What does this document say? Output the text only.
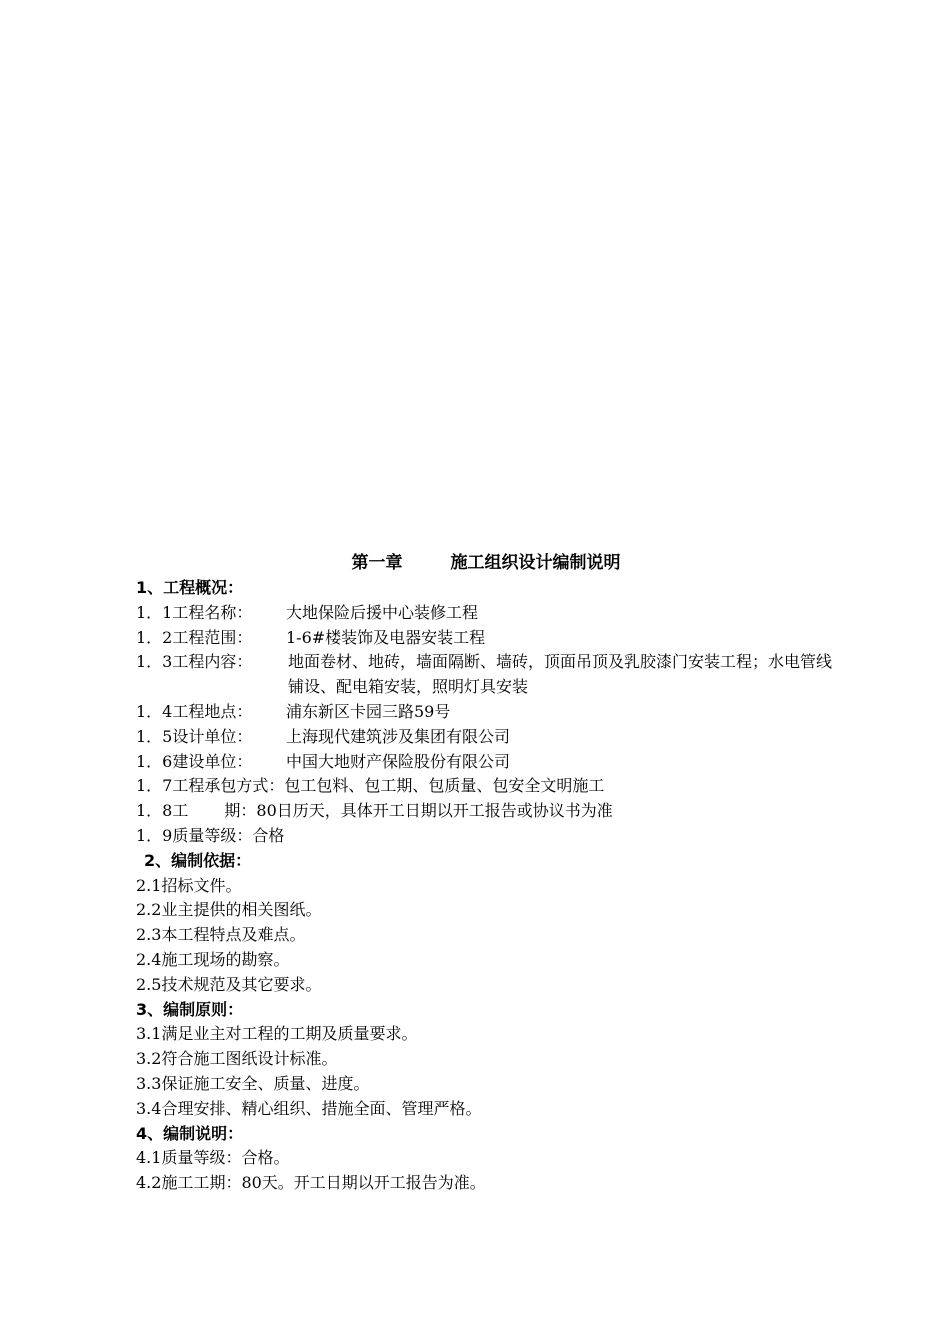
第一章	施工组织设计编制说明
1、工程概况：
1．1工程名称： 大地保险后援中心装修工程
1．2工程范围： 1-6#楼装饰及电器安装工程
1．3工程内容：	地面卷材、地砖，墙面隔断、墙砖，顶面吊顶及乳胶漆门安装工程；水电管线铺设、配电箱安装，照明灯具安装
1．4工程地点： 浦东新区卡园三路59号
1．5设计单位： 上海现代建筑涉及集团有限公司
1．6建设单位： 中国大地财产保险股份有限公司
1．7工程承包方式：包工包料、包工期、包质量、包安全文明施工
1．8工 期：80日历天，具体开工日期以开工报告或协议书为准
1．9质量等级：合格
2、编制依据：
2.1招标文件。
2.2业主提供的相关图纸。
2.3本工程特点及难点。
2.4施工现场的勘察。
2.5技术规范及其它要求。
3、编制原则：
3.1满足业主对工程的工期及质量要求。
3.2符合施工图纸设计标准。
3.3保证施工安全、质量、进度。
3.4合理安排、精心组织、措施全面、管理严格。
4、编制说明：
4.1质量等级：合格。
4.2施工工期：80天。开工日期以开工报告为准。
